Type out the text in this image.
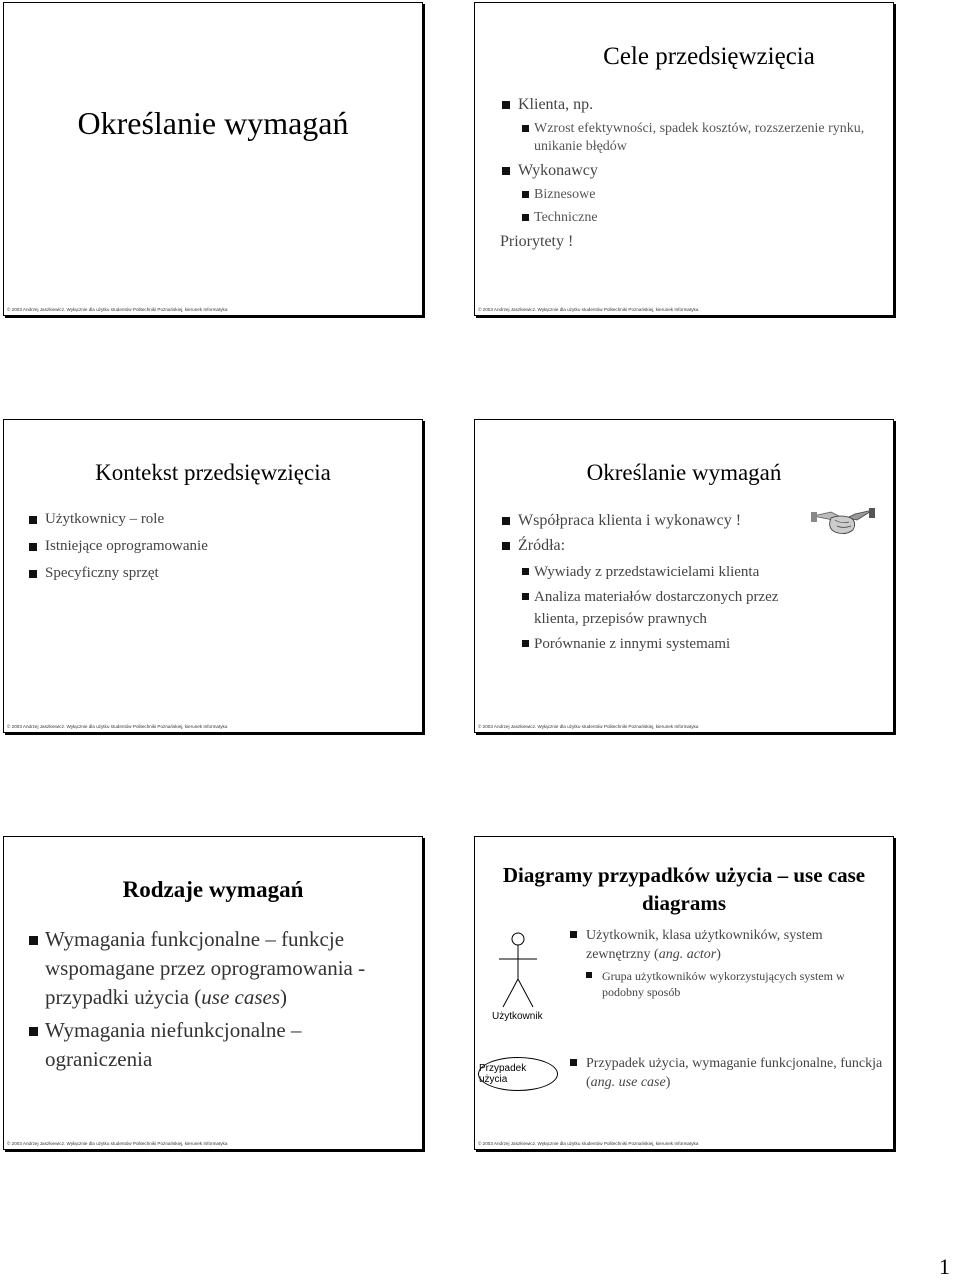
Określanie wymagań
© 2003 Andrzej Jaszkiewicz. Wyłącznie dla użytku studentów Politechniki Poznańskiej, kierunek Informatyka
Cele przedsięwzięcia
Klienta, np.
Wzrost efektywności, spadek kosztów, rozszerzenie rynku, unikanie błędów
Wykonawcy
Biznesowe
Techniczne
Priorytety !
© 2003 Andrzej Jaszkiewicz. Wyłącznie dla użytku studentów Politechniki Poznańskiej, kierunek Informatyka
Kontekst przedsięwzięcia
Użytkownicy – role
Istniejące oprogramowanie
Specyficzny sprzęt
© 2003 Andrzej Jaszkiewicz. Wyłącznie dla użytku studentów Politechniki Poznańskiej, kierunek Informatyka
Określanie wymagań
Współpraca klienta i wykonawcy !
Źródła:
Wywiady z przedstawicielami klienta
Analiza materiałów dostarczonych przez klienta, przepisów prawnych
Porównanie z innymi systemami
© 2003 Andrzej Jaszkiewicz. Wyłącznie dla użytku studentów Politechniki Poznańskiej, kierunek Informatyka
Rodzaje wymagań
Wymagania funkcjonalne – funkcje wspomagane przez oprogramowania - przypadki użycia (use cases)
Wymagania niefunkcjonalne – ograniczenia
© 2003 Andrzej Jaszkiewicz. Wyłącznie dla użytku studentów Politechniki Poznańskiej, kierunek Informatyka
Diagramy przypadków użycia – use case diagrams
Użytkownik
Przypadek użycia
Użytkownik, klasa użytkowników, system zewnętrzny (ang. actor)
Grupa użytkowników wykorzystujących system w podobny sposób
Przypadek użycia, wymaganie funkcjonalne, funckja (ang. use case)
© 2003 Andrzej Jaszkiewicz. Wyłącznie dla użytku studentów Politechniki Poznańskiej, kierunek Informatyka
1
